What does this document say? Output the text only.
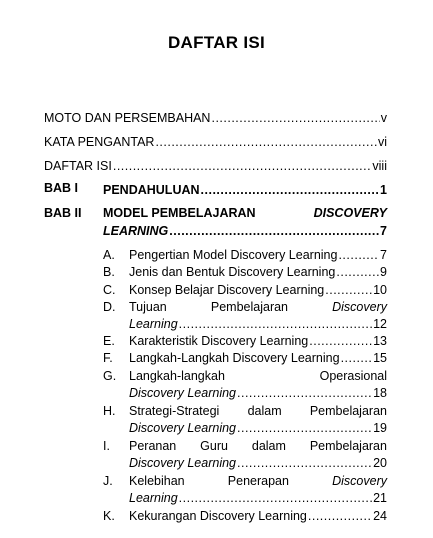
DAFTAR ISI
MOTO DAN PERSEMBAHAN .....	v
KATA PENGANTAR .....	vi
DAFTAR ISI .....	viii
BAB I PENDAHULUAN .....	1
BAB II MODEL PEMBELAJARAN	DISCOVERY
LEARNING .....	7
A. Pengertian Model Discovery Learning .....	7
B. Jenis dan Bentuk Discovery Learning .....	9
C. Konsep Belajar Discovery Learning .....	10
D. Tujuan	Pembelajaran	Discovery
Learning .....	12
E. Karakteristik Discovery Learning .....	13
F. Langkah-Langkah Discovery Learning .....	15
G. Langkah-langkah	Operasional
Discovery Learning .....	18
H. Strategi-Strategi dalam Pembelajaran
Discovery Learning .....	19
I. Peranan Guru dalam Pembelajaran
Discovery Learning .....	20
J. Kelebihan	Penerapan	Discovery
Learning .....	21
K. Kekurangan Discovery Learning .....	24
